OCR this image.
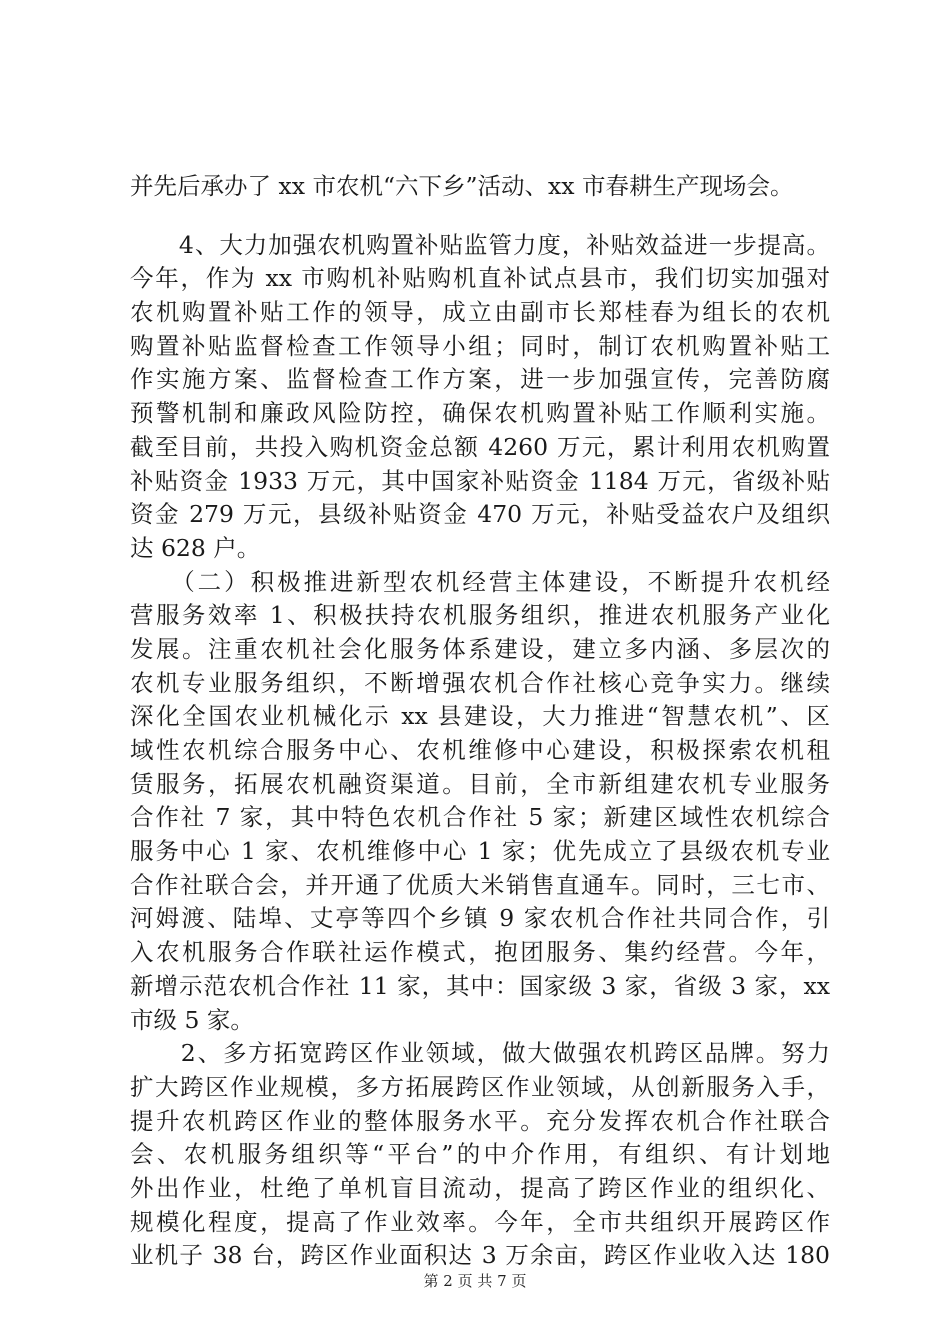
并先后承办了 xx 市农机“六下乡”活动、xx 市春耕生产现场会。
　　4、大力加强农机购置补贴监管力度，补贴效益进一步提高。
今年，作为 xx 市购机补贴购机直补试点县市，我们切实加强对
农机购置补贴工作的领导，成立由副市长郑桂春为组长的农机
购置补贴监督检查工作领导小组；同时，制订农机购置补贴工
作实施方案、监督检查工作方案，进一步加强宣传，完善防腐
预警机制和廉政风险防控，确保农机购置补贴工作顺利实施。
截至目前，共投入购机资金总额 4260 万元，累计利用农机购置
补贴资金 1933 万元，其中国家补贴资金 1184 万元，省级补贴
资金 279 万元，县级补贴资金 470 万元，补贴受益农户及组织
达 628 户。
　　（二）积极推进新型农机经营主体建设，不断提升农机经
营服务效率 1、积极扶持农机服务组织，推进农机服务产业化
发展。注重农机社会化服务体系建设，建立多内涵、多层次的
农机专业服务组织，不断增强农机合作社核心竞争实力。继续
深化全国农业机械化示 xx 县建设，大力推进“智慧农机”、区
域性农机综合服务中心、农机维修中心建设，积极探索农机租
赁服务，拓展农机融资渠道。目前，全市新组建农机专业服务
合作社 7 家，其中特色农机合作社 5 家；新建区域性农机综合
服务中心 1 家、农机维修中心 1 家；优先成立了县级农机专业
合作社联合会，并开通了优质大米销售直通车。同时，三七市、
河姆渡、陆埠、丈亭等四个乡镇 9 家农机合作社共同合作，引
入农机服务合作联社运作模式，抱团服务、集约经营。今年，
新增示范农机合作社 11 家，其中：国家级 3 家，省级 3 家，xx
市级 5 家。
　　2、多方拓宽跨区作业领域，做大做强农机跨区品牌。努力
扩大跨区作业规模，多方拓展跨区作业领域，从创新服务入手，
提升农机跨区作业的整体服务水平。充分发挥农机合作社联合
会、农机服务组织等“平台”的中介作用，有组织、有计划地
外出作业，杜绝了单机盲目流动，提高了跨区作业的组织化、
规模化程度，提高了作业效率。今年，全市共组织开展跨区作
业机子 38 台，跨区作业面积达 3 万余亩，跨区作业收入达 180
第 2 页 共 7 页
